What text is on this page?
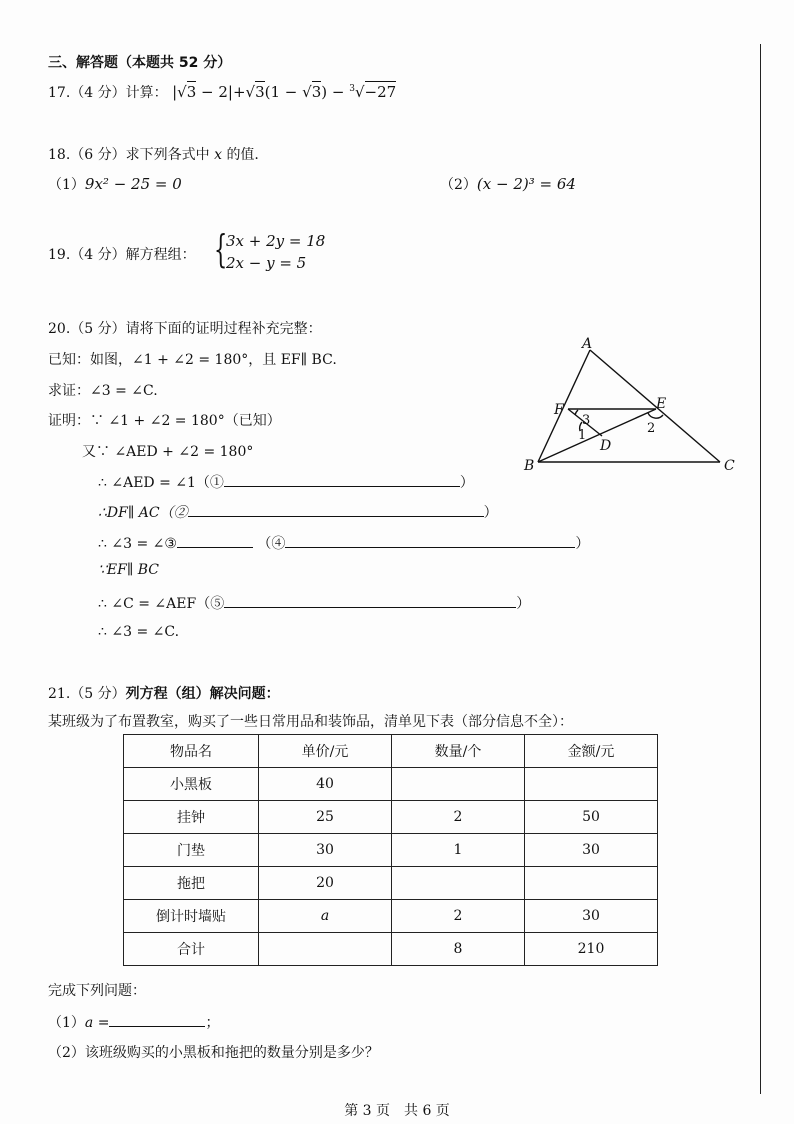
三、解答题（本题共 52 分）
17.（4 分）计算： |√3 − 2|+√3(1 − √3) − $^3$√−27
18.（6 分）求下列各式中 x 的值.
（1）9x² − 25 = 0	（2）(x − 2)³ = 64
19.（4 分）解方程组： {
3x + 2y = 18
2x − y = 5
20.（5 分）请将下面的证明过程补充完整：
已知：如图，∠1 + ∠2 = 180°，且 EF∥ BC.
求证：∠3 = ∠C.
证明：∵ ∠1 + ∠2 = 180°（已知）
又∵ ∠AED + ∠2 = 180°
∴ ∠AED = ∠1（①	）
∴DF∥ AC（②	）
∴ ∠3 = ∠③	（④	）
∵EF∥ BC
∴ ∠C = ∠AEF（⑤	）
∴ ∠3 = ∠C.
A
B	C
D
E
F
3
1	2
21.（5 分）列方程（组）解决问题：
某班级为了布置教室，购买了一些日常用品和装饰品，清单见下表（部分信息不全）：
物品名	单价/元	数量/个	金额/元
小黑板	40		
挂钟	25	2	50
门垫	30	1	30
拖把	20		
倒计时墙贴	a	2	30
合计		8	210
完成下列问题：
（1）a =	；
（2）该班级购买的小黑板和拖把的数量分别是多少？
第 3 页　共 6 页
